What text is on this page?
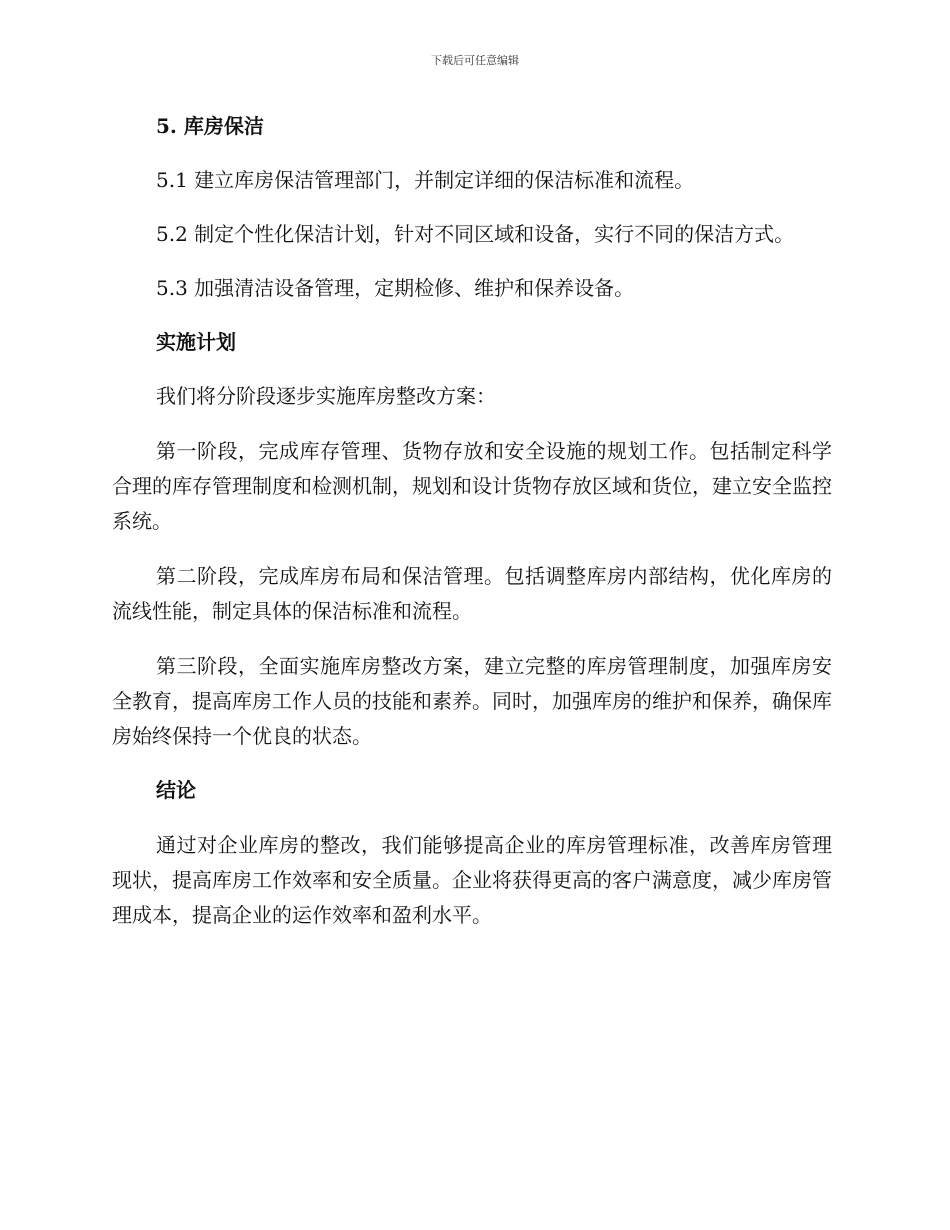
下载后可任意编辑
5. 库房保洁
5.1 建立库房保洁管理部门，并制定详细的保洁标准和流程。
5.2 制定个性化保洁计划，针对不同区域和设备，实行不同的保洁方式。
5.3 加强清洁设备管理，定期检修、维护和保养设备。
实施计划
我们将分阶段逐步实施库房整改方案：
第一阶段，完成库存管理、货物存放和安全设施的规划工作。包括制定科学合理的库存管理制度和检测机制，规划和设计货物存放区域和货位，建立安全监控系统。
第二阶段，完成库房布局和保洁管理。包括调整库房内部结构，优化库房的流线性能，制定具体的保洁标准和流程。
第三阶段，全面实施库房整改方案，建立完整的库房管理制度，加强库房安全教育，提高库房工作人员的技能和素养。同时，加强库房的维护和保养，确保库房始终保持一个优良的状态。
结论
通过对企业库房的整改，我们能够提高企业的库房管理标准，改善库房管理现状，提高库房工作效率和安全质量。企业将获得更高的客户满意度，减少库房管理成本，提高企业的运作效率和盈利水平。
